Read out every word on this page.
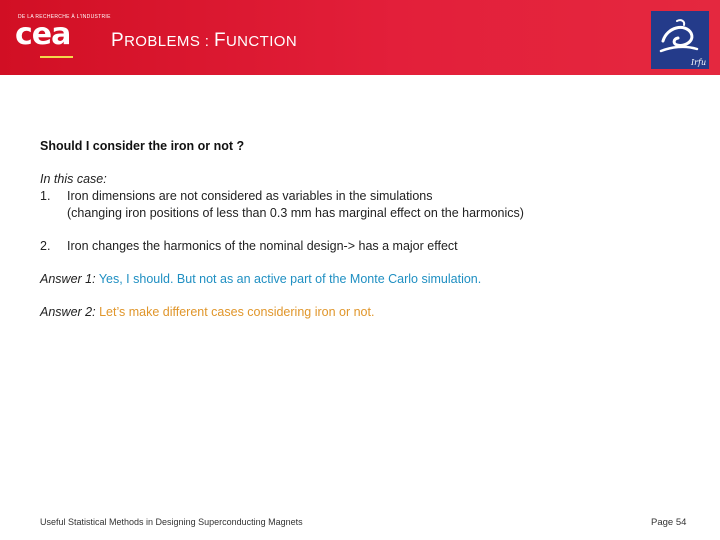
DE LA RECHERCHE À L'INDUSTRIE
cea PROBLEMS : FUNCTION
Irfu
Should I consider the iron or not ?
In this case:
1.	Iron dimensions are not considered as variables in the simulations
(changing iron positions of less than 0.3 mm has marginal effect on the harmonics)
2.	Iron changes the harmonics of the nominal design-> has a major effect
Answer 1: Yes, I should. But not as an active part of the Monte Carlo simulation.
Answer 2: Let’s make different cases considering iron or not.
Useful Statistical Methods in Designing Superconducting Magnets	Page 54
